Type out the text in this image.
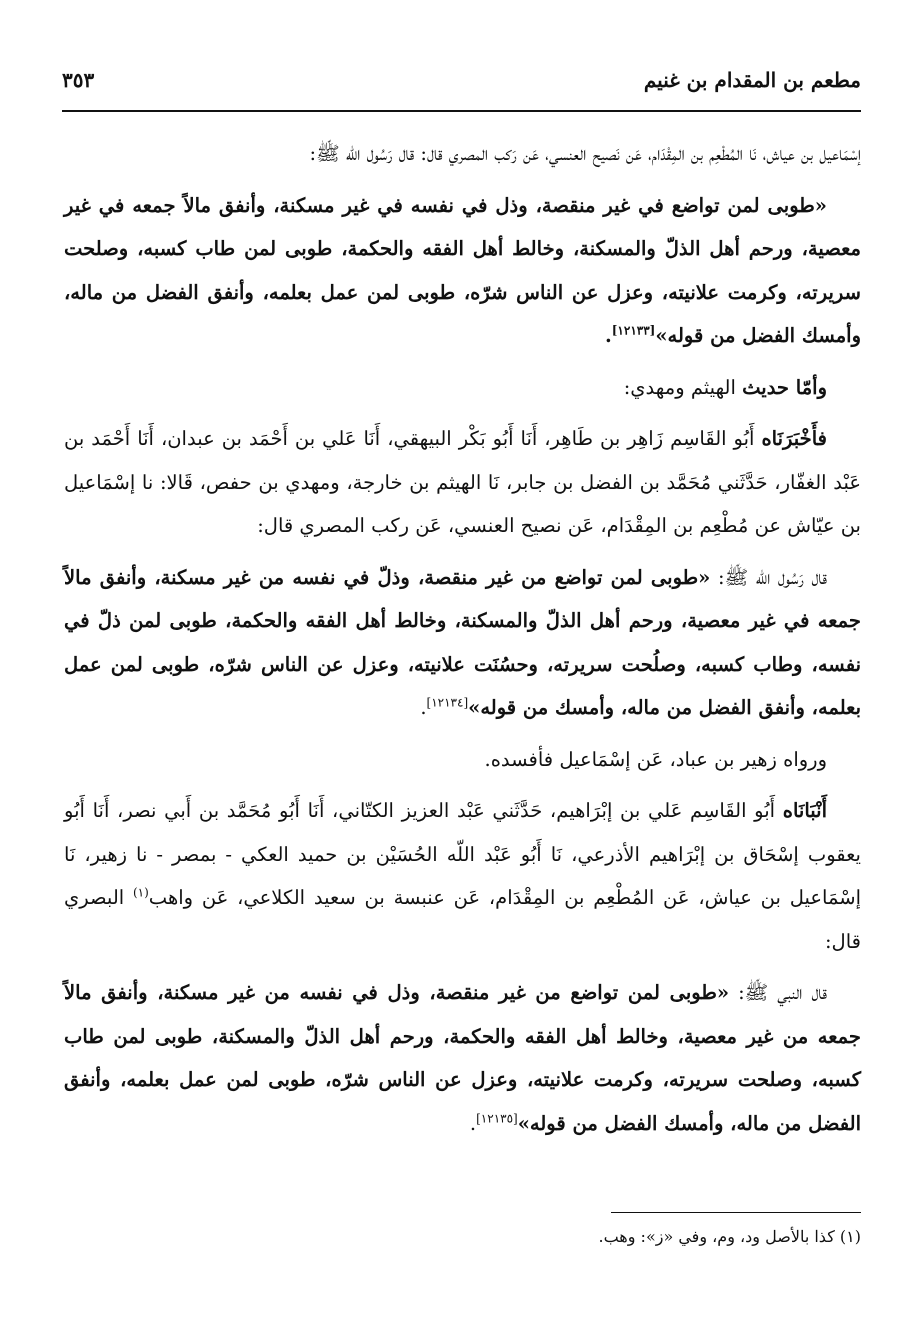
مطعم بن المقدام بن غنيم
٣٥٣

إسْمَاعيل بن عياش، نَا المُطْعِم بن المِقْدَام، عَن نَصيح العنسي، عَن رَكب المصري قال: قال رَسُول الله ﷺ:

«طوبى لمن تواضع في غير منقصة، وذل في نفسه في غير مسكنة، وأنفق مالاً جمعه في غير معصية، ورحم أهل الذلّ والمسكنة، وخالط أهل الفقه والحكمة، طوبى لمن طاب كسبه، وصلحت سريرته، وكرمت علانيته، وعزل عن الناس شرّه، طوبى لمن عمل بعلمه، وأنفق الفضل من ماله، وأمسك الفضل من قوله»[١٢١٣٣].

وأمّا حديث الهيثم ومهدي:

فأَخْبَرَنَاه أَبُو القَاسِم زَاهِر بن طَاهِر، أَنَا أَبُو بَكْر البيهقي، أَنَا عَلي بن أَحْمَد بن عبدان، أَنَا أَحْمَد بن عَبْد الغفّار، حَدَّثَني مُحَمَّد بن الفضل بن جابر، نَا الهيثم بن خارجة، ومهدي بن حفص، قَالا: نا إسْمَاعيل بن عيّاش عن مُطْعِم بن المِقْدَام، عَن نصيح العنسي، عَن ركب المصري قال:

قال رَسُول الله ﷺ: «طوبى لمن تواضع من غير منقصة، وذلّ في نفسه من غير مسكنة، وأنفق مالاً جمعه في غير معصية، ورحم أهل الذلّ والمسكنة، وخالط أهل الفقه والحكمة، طوبى لمن ذلّ في نفسه، وطاب كسبه، وصلُحت سريرته، وحسُنَت علانيته، وعزل عن الناس شرّه، طوبى لمن عمل بعلمه، وأنفق الفضل من ماله، وأمسك من قوله»[١٢١٣٤].

ورواه زهير بن عباد، عَن إسْمَاعيل فأفسده.

أَنْبَانَاه أَبُو القَاسِم عَلي بن إبْرَاهيم، حَدَّثَني عَبْد العزيز الكتّاني، أَنَا أَبُو مُحَمَّد بن أَبي نصر، أَنَا أَبُو يعقوب إسْحَاق بن إبْرَاهيم الأذرعي، نَا أَبُو عَبْد اللّه الحُسَيْن بن حميد العكي - بمصر - نا زهير، نَا إسْمَاعيل بن عياش، عَن المُطْعِم بن المِقْدَام، عَن عنبسة بن سعيد الكلاعي، عَن واهب$^{(١)}$ البصري قال:

قال النبي ﷺ: «طوبى لمن تواضع من غير منقصة، وذل في نفسه من غير مسكنة، وأنفق مالاً جمعه من غير معصية، وخالط أهل الفقه والحكمة، ورحم أهل الذلّ والمسكنة، طوبى لمن طاب كسبه، وصلحت سريرته، وكرمت علانيته، وعزل عن الناس شرّه، طوبى لمن عمل بعلمه، وأنفق الفضل من ماله، وأمسك الفضل من قوله»[١٢١٣٥].

(١) كذا بالأصل ود، وم، وفي «ز»: وهب.
